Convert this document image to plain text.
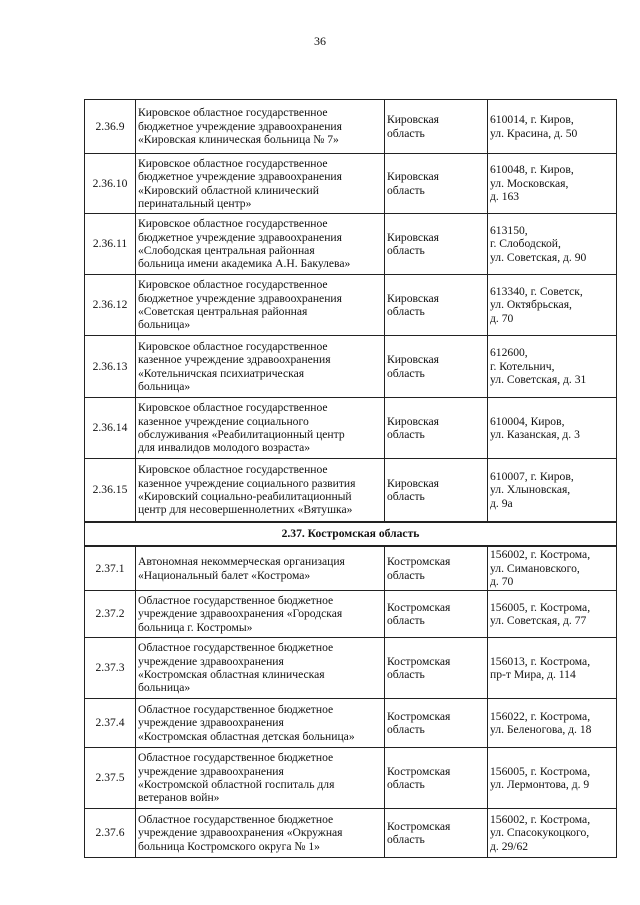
36
2.36.9	Кировское областное государственное
бюджетное учреждение здравоохранения
«Кировская клиническая больница № 7»	Кировская
область	610014, г. Киров,
ул. Красина, д. 50

2.36.10	Кировское областное государственное
бюджетное учреждение здравоохранения
«Кировский областной клинический
перинатальный центр»	Кировская
область	610048, г. Киров,
ул. Московская,
д. 163

2.36.11	Кировское областное государственное
бюджетное учреждение здравоохранения
«Слободская центральная районная
больница имени академика А.Н. Бакулева»	Кировская
область	613150,
г. Слободской,
ул. Советская, д. 90

2.36.12	Кировское областное государственное
бюджетное учреждение здравоохранения
«Советская центральная районная
больница»	Кировская
область	613340, г. Советск,
ул. Октябрьская,
д. 70

2.36.13	Кировское областное государственное
казенное учреждение здравоохранения
«Котельничская психиатрическая
больница»	Кировская
область	612600,
г. Котельнич,
ул. Советская, д. 31

2.36.14	Кировское областное государственное
казенное учреждение социального
обслуживания «Реабилитационный центр
для инвалидов молодого возраста»	Кировская
область	610004, Киров,
ул. Казанская, д. 3

2.36.15	Кировское областное государственное
казенное учреждение социального развития
«Кировский социально-реабилитационный
центр для несовершеннолетних «Вятушка»	Кировская
область	610007, г. Киров,
ул. Хлыновская,
д. 9а

2.37. Костромская область			
2.37.1	Автономная некоммерческая организация
«Национальный балет «Кострома»	Костромская
область	156002, г. Кострома,
ул. Симановского,
д. 70

2.37.2	Областное государственное бюджетное
учреждение здравоохранения «Городская
больница г. Костромы»	Костромская
область	156005, г. Кострома,
ул. Советская, д. 77

2.37.3	Областное государственное бюджетное
учреждение здравоохранения
«Костромская областная клиническая
больница»	Костромская
область	156013, г. Кострома,
пр-т Мира, д. 114

2.37.4	Областное государственное бюджетное
учреждение здравоохранения
«Костромская областная детская больница»	Костромская
область	156022, г. Кострома,
ул. Беленогова, д. 18

2.37.5	Областное государственное бюджетное
учреждение здравоохранения
«Костромской областной госпиталь для
ветеранов войн»	Костромская
область	156005, г. Кострома,
ул. Лермонтова, д. 9

2.37.6	Областное государственное бюджетное
учреждение здравоохранения «Окружная
больница Костромского округа № 1»	Костромская
область	156002, г. Кострома,
ул. Спасокукоцкого,
д. 29/62
